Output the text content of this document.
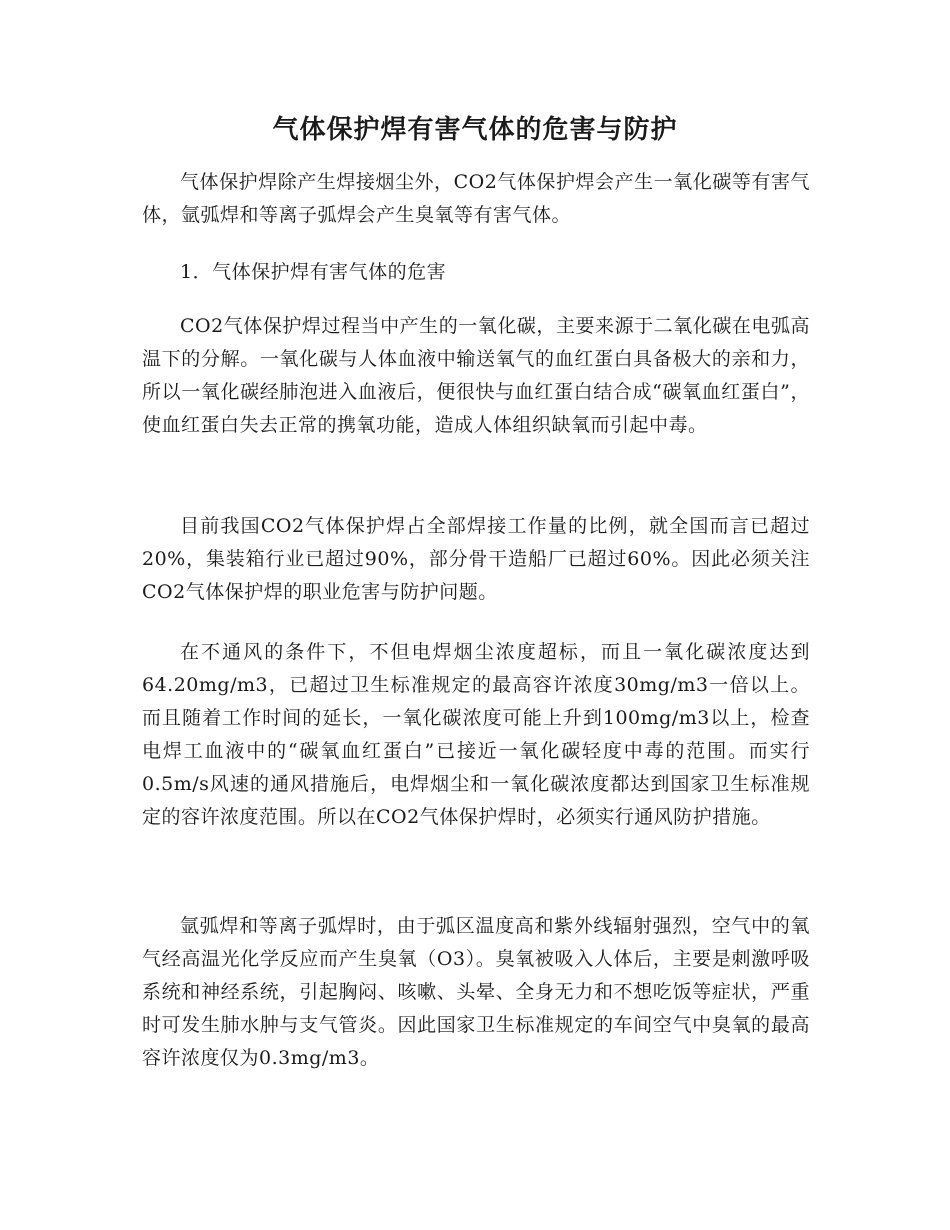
气体保护焊有害气体的危害与防护

气体保护焊除产生焊接烟尘外，CO2气体保护焊会产生一氧化碳等有害气体，氩弧焊和等离子弧焊会产生臭氧等有害气体。

1．气体保护焊有害气体的危害

CO2气体保护焊过程当中产生的一氧化碳，主要来源于二氧化碳在电弧高温下的分解。一氧化碳与人体血液中输送氧气的血红蛋白具备极大的亲和力，所以一氧化碳经肺泡进入血液后，便很快与血红蛋白结合成“碳氧血红蛋白”，使血红蛋白失去正常的携氧功能，造成人体组织缺氧而引起中毒。

目前我国CO2气体保护焊占全部焊接工作量的比例，就全国而言已超过20%，集装箱行业已超过90%，部分骨干造船厂已超过60%。因此必须关注CO2气体保护焊的职业危害与防护问题。

在不通风的条件下，不但电焊烟尘浓度超标，而且一氧化碳浓度达到64.20mg/m3，已超过卫生标准规定的最高容许浓度30mg/m3一倍以上。而且随着工作时间的延长，一氧化碳浓度可能上升到100mg/m3以上，检查电焊工血液中的“碳氧血红蛋白”已接近一氧化碳轻度中毒的范围。而实行0.5m/s风速的通风措施后，电焊烟尘和一氧化碳浓度都达到国家卫生标准规定的容许浓度范围。所以在CO2气体保护焊时，必须实行通风防护措施。

氩弧焊和等离子弧焊时，由于弧区温度高和紫外线辐射强烈，空气中的氧气经高温光化学反应而产生臭氧（O3）。臭氧被吸入人体后，主要是刺激呼吸系统和神经系统，引起胸闷、咳嗽、头晕、全身无力和不想吃饭等症状，严重时可发生肺水肿与支气管炎。因此国家卫生标准规定的车间空气中臭氧的最高容许浓度仅为0.3mg/m3。
